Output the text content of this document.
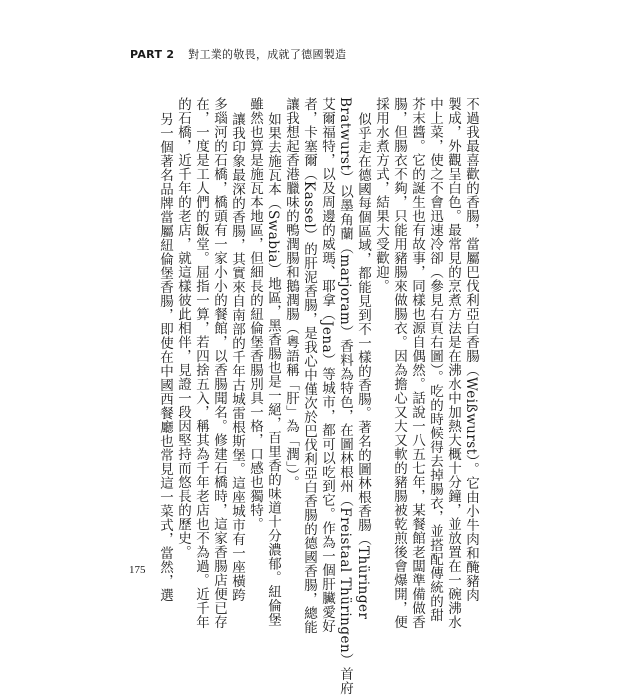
PART 2 對工業的敬畏，成就了德國製造
不過我最喜歡的香腸，當屬巴伐利亞白香腸（Weißwurst）。它由小牛肉和醃豬肉
製成，外觀呈白色。最常見的烹煮方法是在沸水中加熱大概十分鐘，並放置在一碗沸水
中上菜，使之不會迅速冷卻（參見右頁右圖）。吃的時候得去掉腸衣，並搭配傳統的甜
芥末醬。它的誕生也有故事，同樣也源自偶然。話說一八五七年，某餐館老闆準備做香
腸，但腸衣不夠，只能用豬腸來做腸衣。因為擔心又大又軟的豬腸被乾煎後會爆開，便
採用水煮方式，結果大受歡迎。
似乎走在德國每個區域，都能見到不一樣的香腸。著名的圖林根香腸（Thüringer
Bratwurst）以墨角蘭（marjoram）香料為特色，在圖林根州（Freistaal Thüringen）首府
艾爾福特，以及周邊的威瑪、耶拿（Jena）等城市，都可以吃到它。作為一個肝臟愛好
者，卡塞爾（Kassel）的肝泥香腸，是我心中僅次於巴伐利亞白香腸的德國香腸，總能
讓我想起香港臘味的鴨潤腸和鵝潤腸（粵語稱「肝」為「潤」）。
如果去施瓦本（Swabia）地區，黑香腸也是一絕，百里香的味道十分濃郁。紐倫堡
雖然也算是施瓦本地區，但細長的紐倫堡香腸別具一格，口感也獨特。
讓我印象最深的香腸，其實來自南部的千年古城雷根斯堡。這座城市有一座橫跨
多瑙河的石橋，橋頭有一家小小的餐館，以香腸聞名。修建石橋時，這家香腸店便已存
在，一度是工人們的飯堂。屈指一算，若四捨五入，稱其為千年老店也不為過。近千年
的石橋，近千年的老店，就這樣彼此相伴，見證一段因堅持而悠長的歷史。
另一個著名品牌當屬紐倫堡香腸，即使在中國西餐廳也常見這一菜式，當然，選
175
